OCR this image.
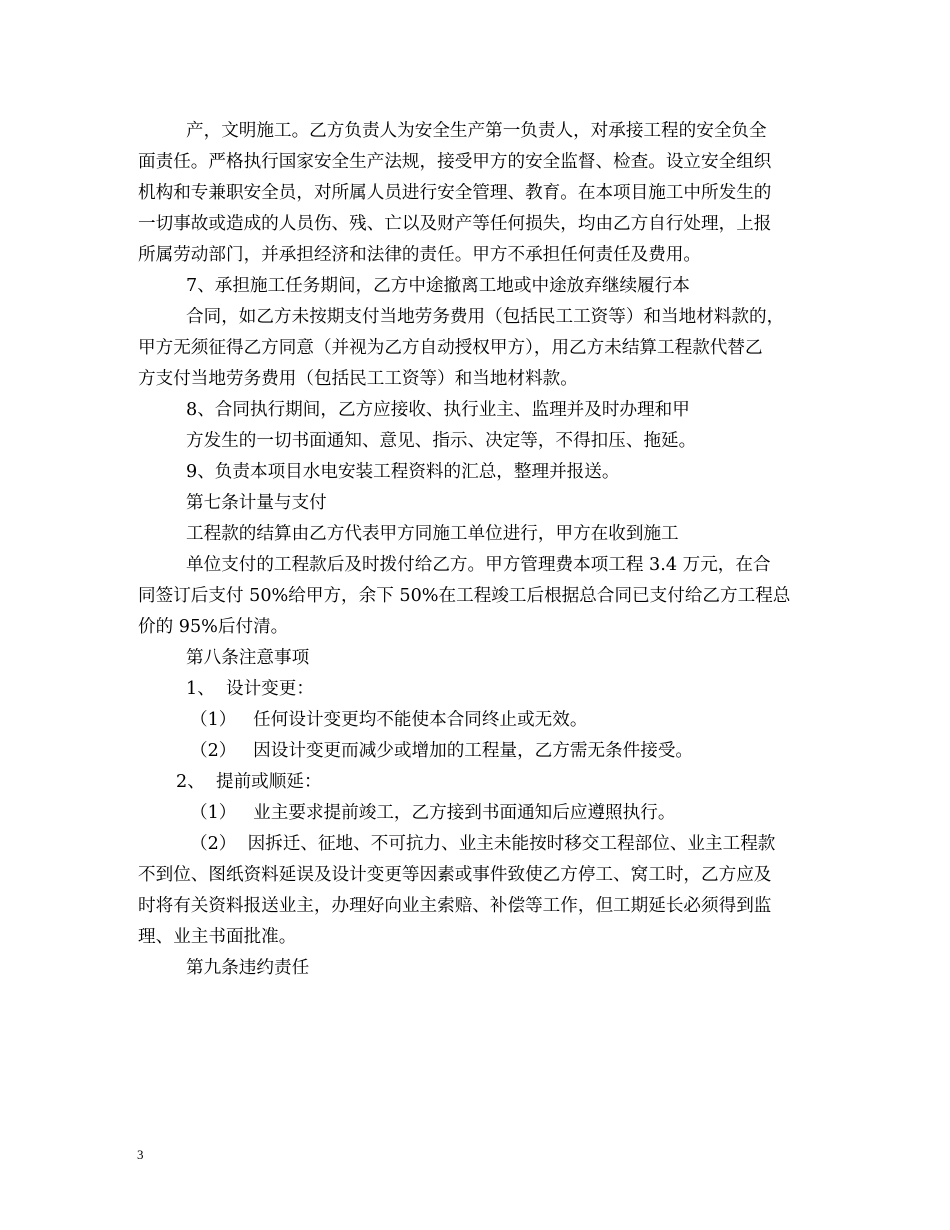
产，文明施工。乙方负责人为安全生产第一负责人，对承接工程的安全负全
面责任。严格执行国家安全生产法规，接受甲方的安全监督、检查。设立安全组织
机构和专兼职安全员，对所属人员进行安全管理、教育。在本项目施工中所发生的
一切事故或造成的人员伤、残、亡以及财产等任何损失，均由乙方自行处理，上报
所属劳动部门，并承担经济和法律的责任。甲方不承担任何责任及费用。
7、承担施工任务期间，乙方中途撤离工地或中途放弃继续履行本
合同，如乙方未按期支付当地劳务费用（包括民工工资等）和当地材料款的，
甲方无须征得乙方同意（并视为乙方自动授权甲方），用乙方未结算工程款代替乙
方支付当地劳务费用（包括民工工资等）和当地材料款。
8、合同执行期间，乙方应接收、执行业主、监理并及时办理和甲
方发生的一切书面通知、意见、指示、决定等，不得扣压、拖延。
9、负责本项目水电安装工程资料的汇总，整理并报送。
第七条计量与支付
工程款的结算由乙方代表甲方同施工单位进行，甲方在收到施工
单位支付的工程款后及时拨付给乙方。甲方管理费本项工程 3.4 万元，在合
同签订后支付 50%给甲方，余下 50%在工程竣工后根据总合同已支付给乙方工程总
价的 95%后付清。
第八条注意事项
1、  设计变更：
（1）   任何设计变更均不能使本合同终止或无效。
（2）   因设计变更而减少或增加的工程量，乙方需无条件接受。
2、  提前或顺延：
（1）   业主要求提前竣工，乙方接到书面通知后应遵照执行。
（2）  因拆迁、征地、不可抗力、业主未能按时移交工程部位、业主工程款
不到位、图纸资料延误及设计变更等因素或事件致使乙方停工、窝工时，乙方应及
时将有关资料报送业主，办理好向业主索赔、补偿等工作，但工期延长必须得到监
理、业主书面批准。
第九条违约责任
3
